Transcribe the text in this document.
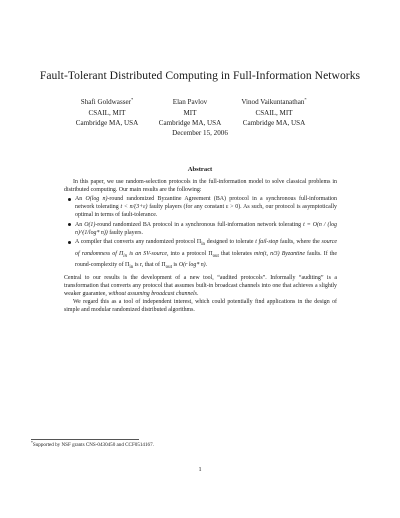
Fault-Tolerant Distributed Computing in Full-Information Networks
Shafi Goldwasser*
CSAIL, MIT
Cambridge MA, USA
Elan Pavlov
MIT
Cambridge MA, USA
Vinod Vaikuntanathan*
CSAIL, MIT
Cambridge MA, USA
December 15, 2006
Abstract

In this paper, we use random-selection protocols in the full-information model to solve classical problems in distributed computing. Our main results are the following:

An O(log n)-round randomized Byzantine Agreement (BA) protocol in a synchronous full-information network tolerating t < n/(3+ε) faulty players (for any constant ε > 0). As such, our protocol is asymptotically optimal in terms of fault-tolerance.
An O(1)-round randomized BA protocol in a synchronous full-information network tolerating t = O(n / (log n)^(1/log* n)) faulty players.
A compiler that converts any randomized protocol $\Pi_{in}$ designed to tolerate t fail-stop faults, where the source of randomness of $\Pi_{in}$ is an SV-source, into a protocol $\Pi_{out}$ that tolerates min(t, n/3) Byzantine faults. If the round-complexity of $\Pi_{in}$ is r, that of $\Pi_{out}$ is O(r log* n).

Central to our results is the development of a new tool, “audited protocols”. Informally “auditing” is a transformation that converts any protocol that assumes built-in broadcast channels into one that achieves a slightly weaker guarantee, without assuming broadcast channels.

We regard this as a tool of independent interest, which could potentially find applications in the design of simple and modular randomized distributed algorithms.

*Supported by NSF grants CNS-0430450 and CCF0514167.
1
